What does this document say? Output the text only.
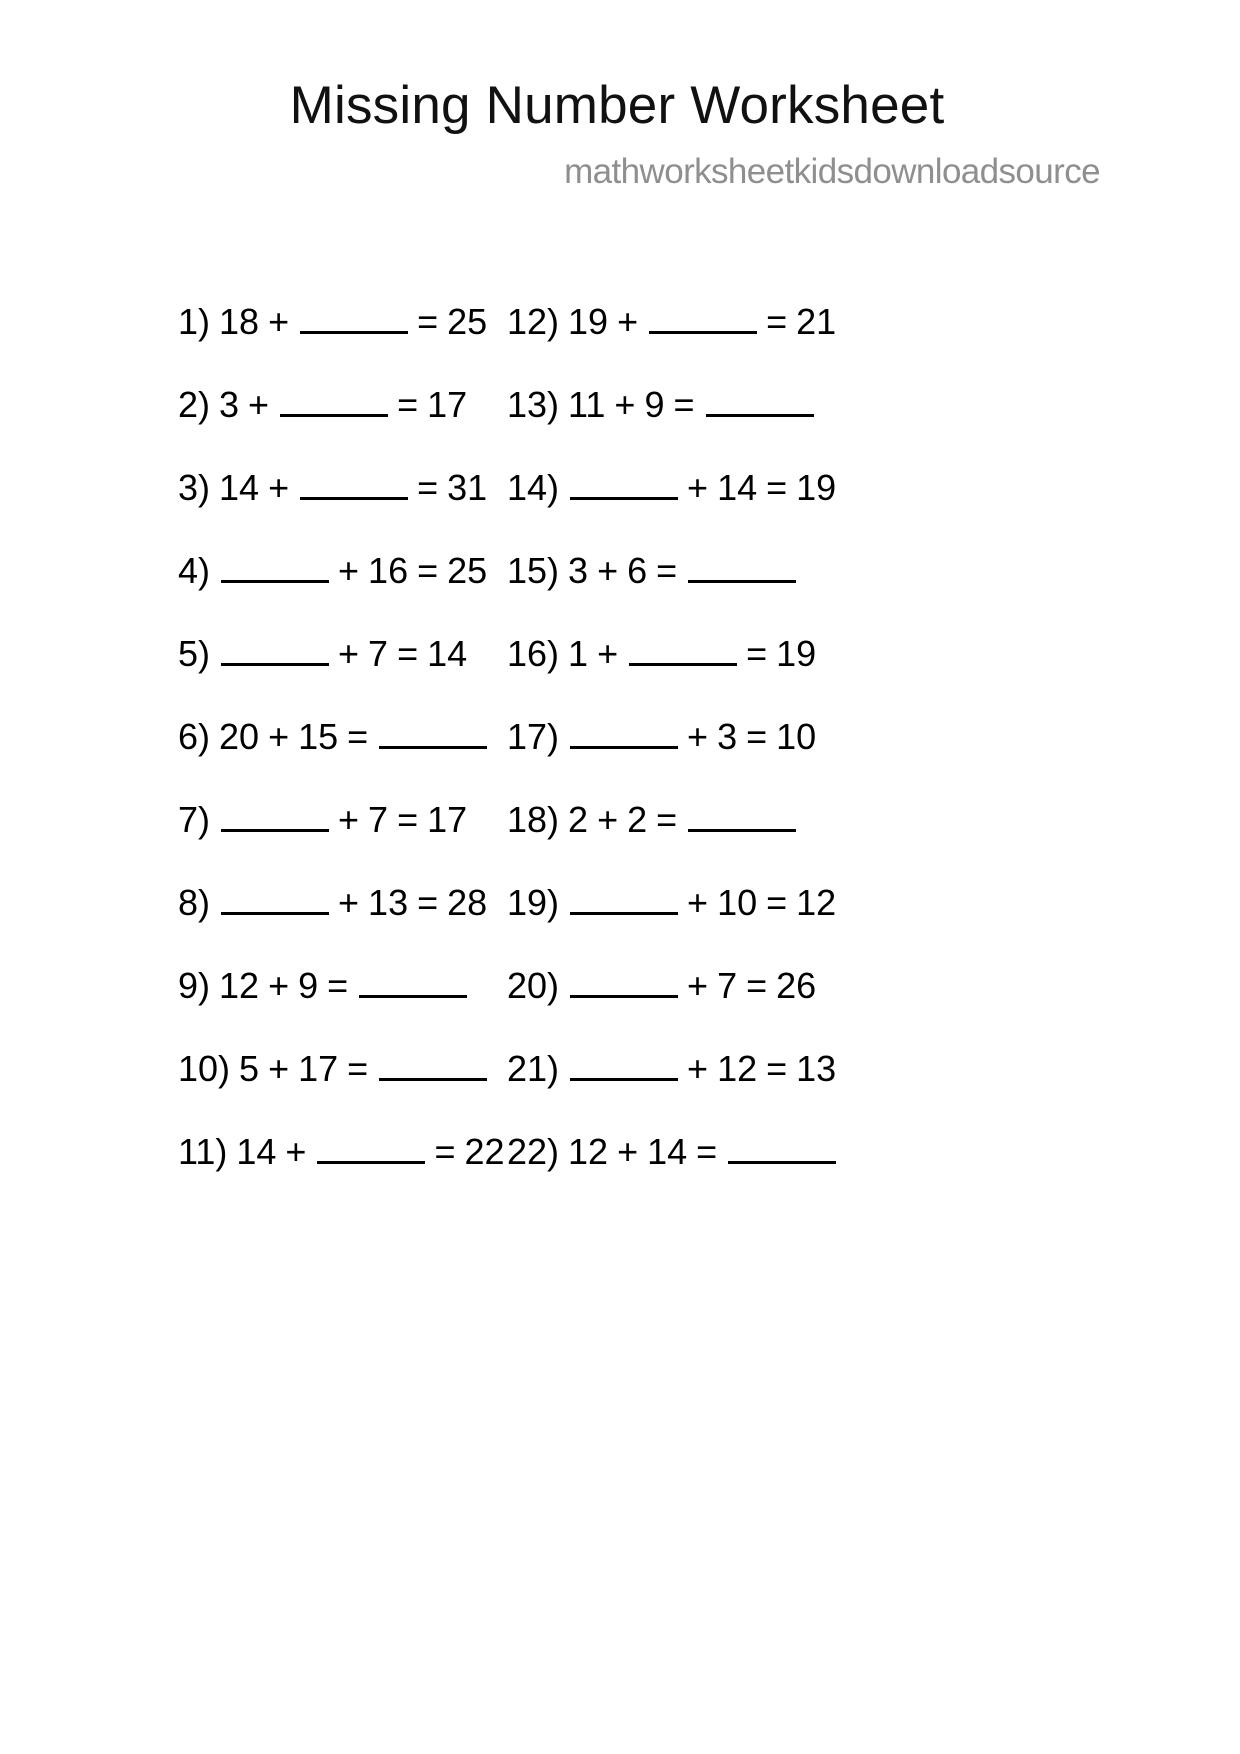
Missing Number Worksheet
mathworksheetkidsdownloadsource
1) 18 +	= 25
2) 3 +	= 17
3) 14 +	= 31
4)	+ 16 = 25
5)	+ 7 = 14
6) 20 + 15 =
7)	+ 7 = 17
8)	+ 13 = 28
9) 12 + 9 =
10) 5 + 17 =
11) 14 +	= 22
12) 19 +	= 21
13) 11 + 9 =
14)	+ 14 = 19
15) 3 + 6 =
16) 1 +	= 19
17)	+ 3 = 10
18) 2 + 2 =
19)	+ 10 = 12
20)	+ 7 = 26
21)	+ 12 = 13
22) 12 + 14 =
